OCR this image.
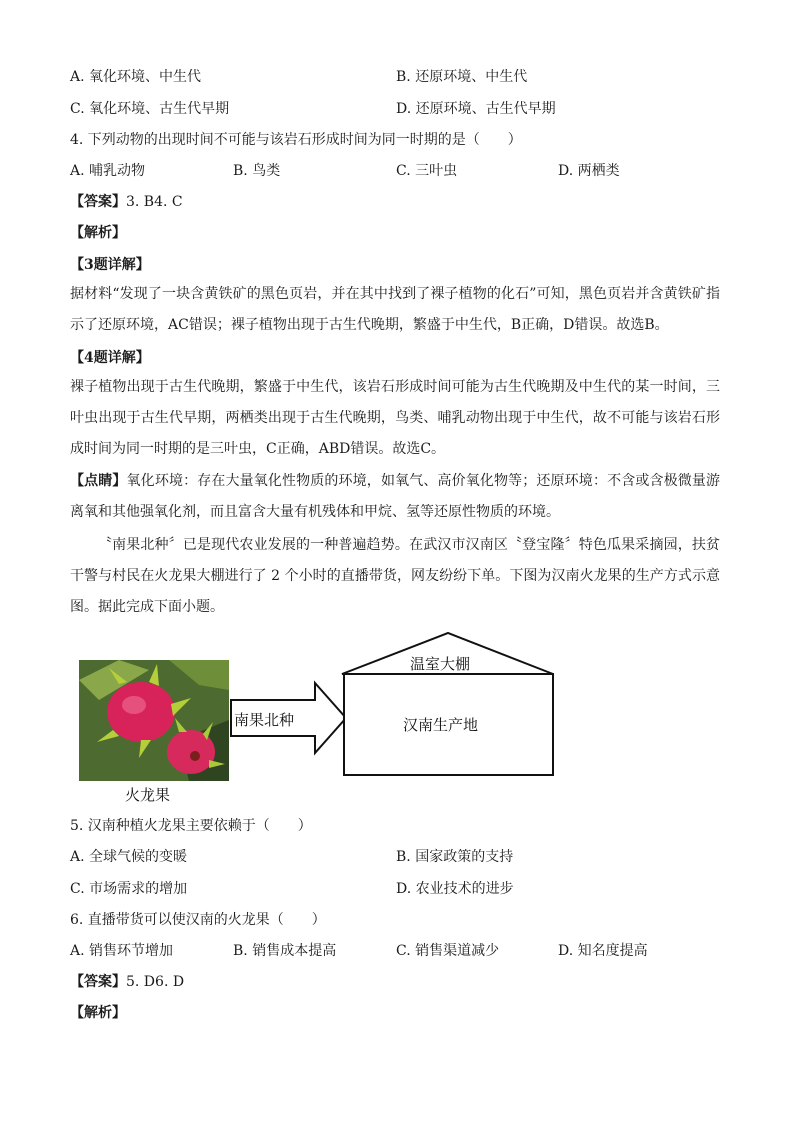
A. 氧化环境、中生代	B. 还原环境、中生代
C. 氧化环境、古生代早期	D. 还原环境、古生代早期
4. 下列动物的出现时间不可能与该岩石形成时间为同一时期的是（　　）
A. 哺乳动物	B. 鸟类	C. 三叶虫	D. 两栖类
【答案】3. B4. C
【解析】
【3题详解】
据材料“发现了一块含黄铁矿的黑色页岩，并在其中找到了裸子植物的化石”可知，黑色页岩并含黄铁矿指示了还原环境，AC错误；裸子植物出现于古生代晚期，繁盛于中生代，B正确，D错误。故选B。
【4题详解】
裸子植物出现于古生代晚期，繁盛于中生代，该岩石形成时间可能为古生代晚期及中生代的某一时间，三叶虫出现于古生代早期，两栖类出现于古生代晚期，鸟类、哺乳动物出现于中生代，故不可能与该岩石形成时间为同一时期的是三叶虫，C正确，ABD错误。故选C。
【点睛】氧化环境：存在大量氧化性物质的环境，如氧气、高价氧化物等；还原环境：不含或含极微量游离氧和其他强氧化剂，而且富含大量有机残体和甲烷、氢等还原性物质的环境。
〝南果北种〞已是现代农业发展的一种普遍趋势。在武汉市汉南区〝登宝隆〞特色瓜果采摘园，扶贫干警与村民在火龙果大棚进行了 2 个小时的直播带货，网友纷纷下单。下图为汉南火龙果的生产方式示意图。据此完成下面小题。
火龙果
南果北种
温室大棚
汉南生产地
5. 汉南种植火龙果主要依赖于（　　）
A. 全球气候的变暖	B. 国家政策的支持
C. 市场需求的增加	D. 农业技术的进步
6. 直播带货可以使汉南的火龙果（　　）
A. 销售环节增加	B. 销售成本提高	C. 销售渠道减少	D. 知名度提高
【答案】5. D6. D
【解析】
